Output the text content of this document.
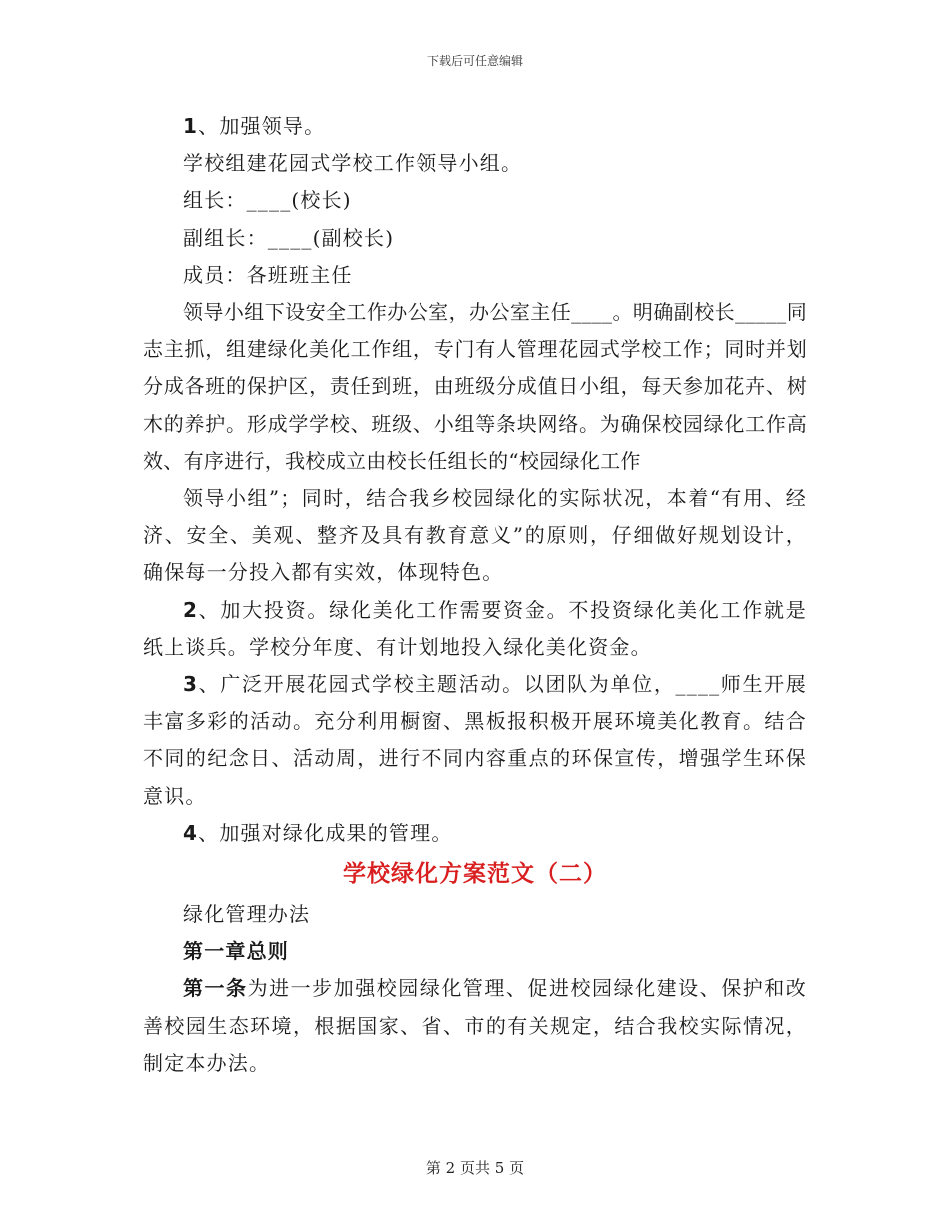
下载后可任意编辑

1、加强领导。

学校组建花园式学校工作领导小组。

组长：____(校长)

副组长：____(副校长)

成员：各班班主任

领导小组下设安全工作办公室，办公室主任____。明确副校长_____同志主抓，组建绿化美化工作组，专门有人管理花园式学校工作；同时并划分成各班的保护区，责任到班，由班级分成值日小组，每天参加花卉、树木的养护。形成学学校、班级、小组等条块网络。为确保校园绿化工作高效、有序进行，我校成立由校长任组长的“校园绿化工作

领导小组”；同时，结合我乡校园绿化的实际状况，本着“有用、经济、安全、美观、整齐及具有教育意义”的原则，仔细做好规划设计，确保每一分投入都有实效，体现特色。

2、加大投资。绿化美化工作需要资金。不投资绿化美化工作就是纸上谈兵。学校分年度、有计划地投入绿化美化资金。

3、广泛开展花园式学校主题活动。以团队为单位，____师生开展丰富多彩的活动。充分利用橱窗、黑板报积极开展环境美化教育。结合不同的纪念日、活动周，进行不同内容重点的环保宣传，增强学生环保意识。

4、加强对绿化成果的管理。

学校绿化方案范文（二）

绿化管理办法

第一章总则

第一条为进一步加强校园绿化管理、促进校园绿化建设、保护和改善校园生态环境，根据国家、省、市的有关规定，结合我校实际情况，制定本办法。

第 2 页共 5 页
